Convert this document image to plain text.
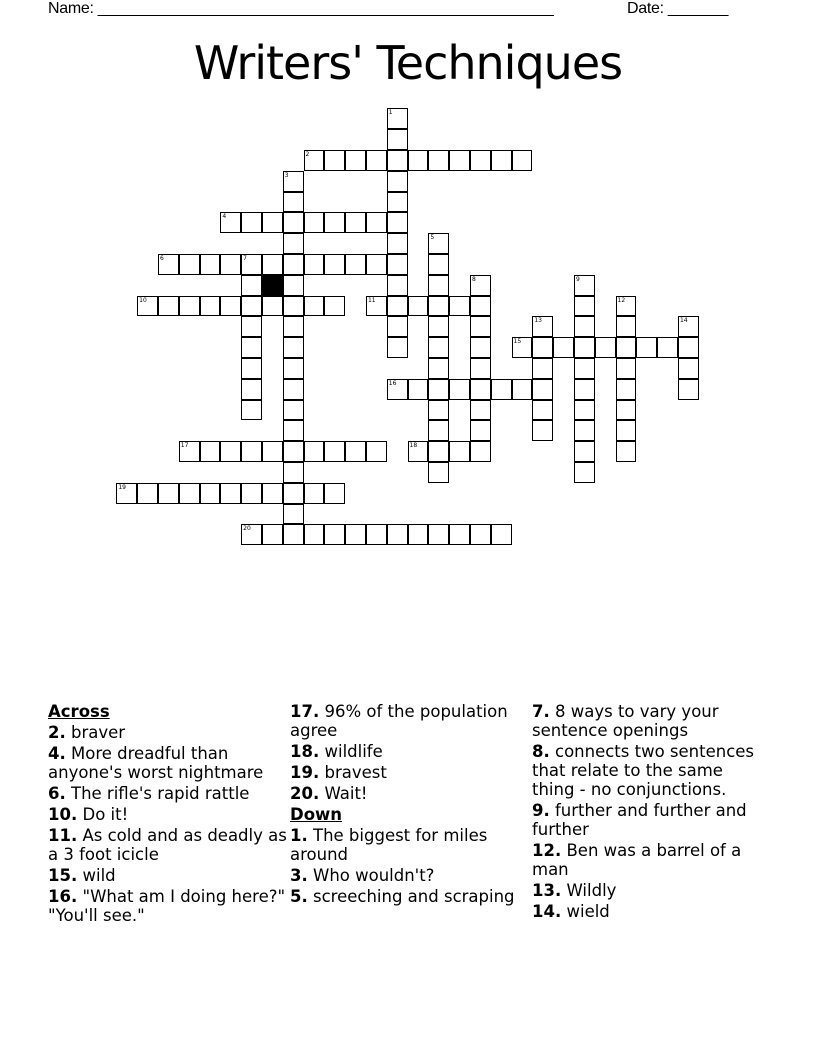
Name: _____________________________________________________	Date: _______
Writers' Techniques
1
2
3
4
5
6	7
8	9
10	11	12
13	14
15
16
17	18
19
20
Across
2. braver
4. More dreadful than anyone's worst nightmare
6. The rifle's rapid rattle
10. Do it!
11. As cold and as deadly as a 3 foot icicle
15. wild
16. "What am I doing here?" "You'll see."
17. 96% of the population agree
18. wildlife
19. bravest
20. Wait!
Down
1. The biggest for miles around
3. Who wouldn't?
5. screeching and scraping
7. 8 ways to vary your sentence openings
8. connects two sentences that relate to the same thing - no conjunctions.
9. further and further and further
12. Ben was a barrel of a man
13. Wildly
14. wield
